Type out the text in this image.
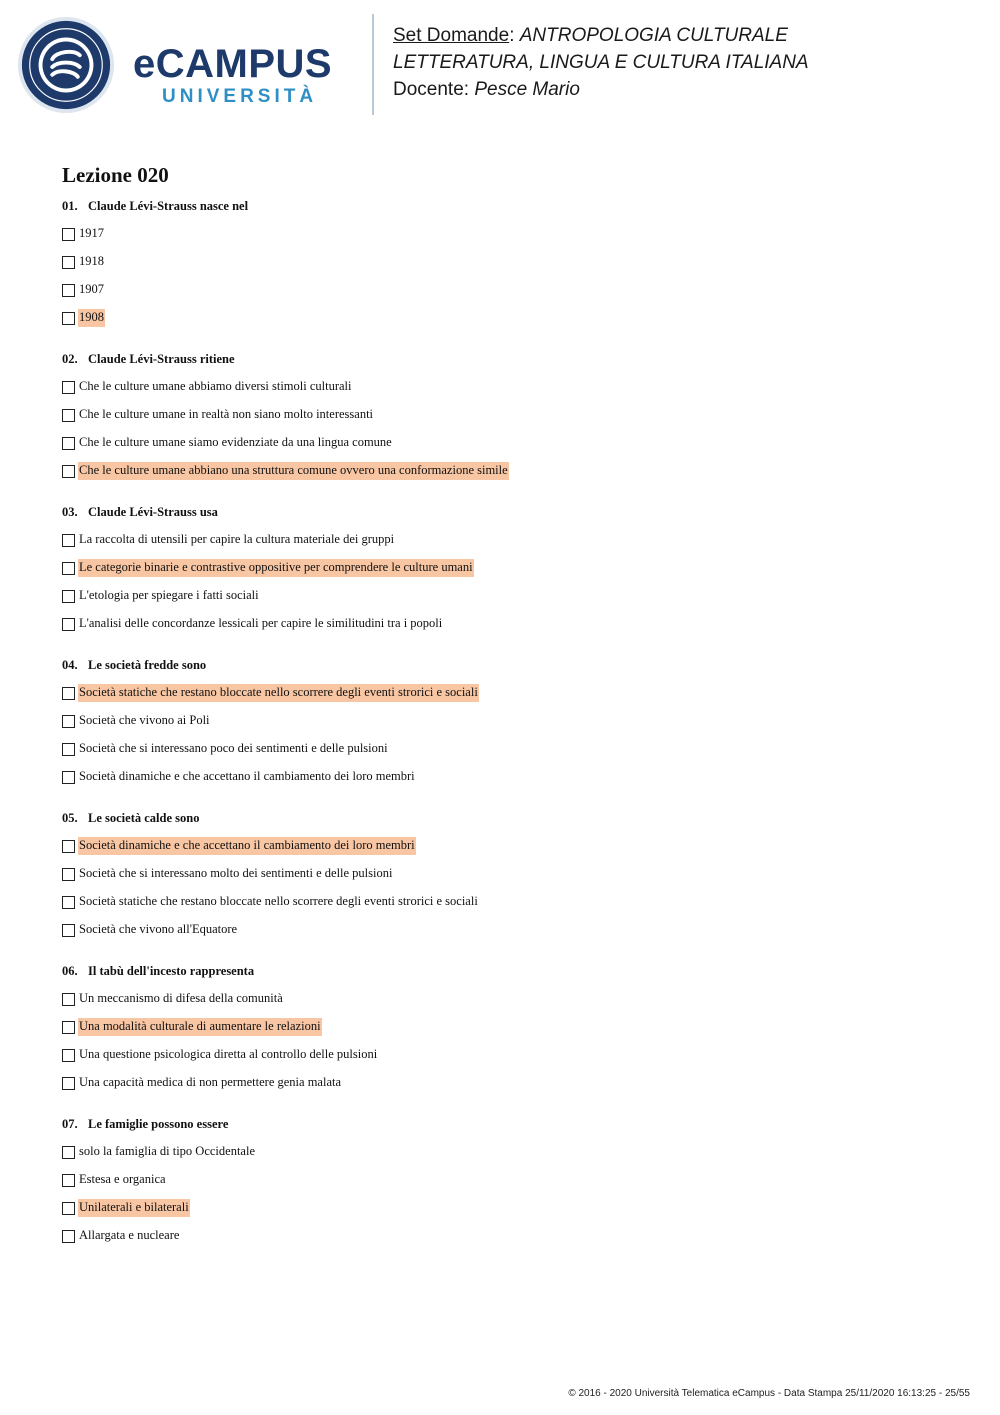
eCAMPUS
UNIVERSITÀ
Set Domande: ANTROPOLOGIA CULTURALE
LETTERATURA, LINGUA E CULTURA ITALIANA
Docente: Pesce Mario
Lezione 020
01. Claude Lévi-Strauss nasce nel
1917
1918
1907
1908
02. Claude Lévi-Strauss ritiene
Che le culture umane abbiamo diversi stimoli culturali
Che le culture umane in realtà non siano molto interessanti
Che le culture umane siamo evidenziate da una lingua comune
Che le culture umane abbiano una struttura comune ovvero una conformazione simile
03. Claude Lévi-Strauss usa
La raccolta di utensili per capire la cultura materiale dei gruppi
Le categorie binarie e contrastive oppositive per comprendere le culture umani
L'etologia per spiegare i fatti sociali
L'analisi delle concordanze lessicali per capire le similitudini tra i popoli
04. Le società fredde sono
Società statiche che restano bloccate nello scorrere degli eventi strorici e sociali
Società che vivono ai Poli
Società che si interessano poco dei sentimenti e delle pulsioni
Società dinamiche e che accettano il cambiamento dei loro membri
05. Le società calde sono
Società dinamiche e che accettano il cambiamento dei loro membri
Società che si interessano molto dei sentimenti e delle pulsioni
Società statiche che restano bloccate nello scorrere degli eventi strorici e sociali
Società che vivono all'Equatore
06. Il tabù dell'incesto rappresenta
Un meccanismo di difesa della comunità
Una modalità culturale di aumentare le relazioni
Una questione psicologica diretta al controllo delle pulsioni
Una capacità medica di non permettere genia malata
07. Le famiglie possono essere
solo la famiglia di tipo Occidentale
Estesa e organica
Unilaterali e bilaterali
Allargata e nucleare
© 2016 - 2020 Università Telematica eCampus - Data Stampa 25/11/2020 16:13:25 - 25/55
